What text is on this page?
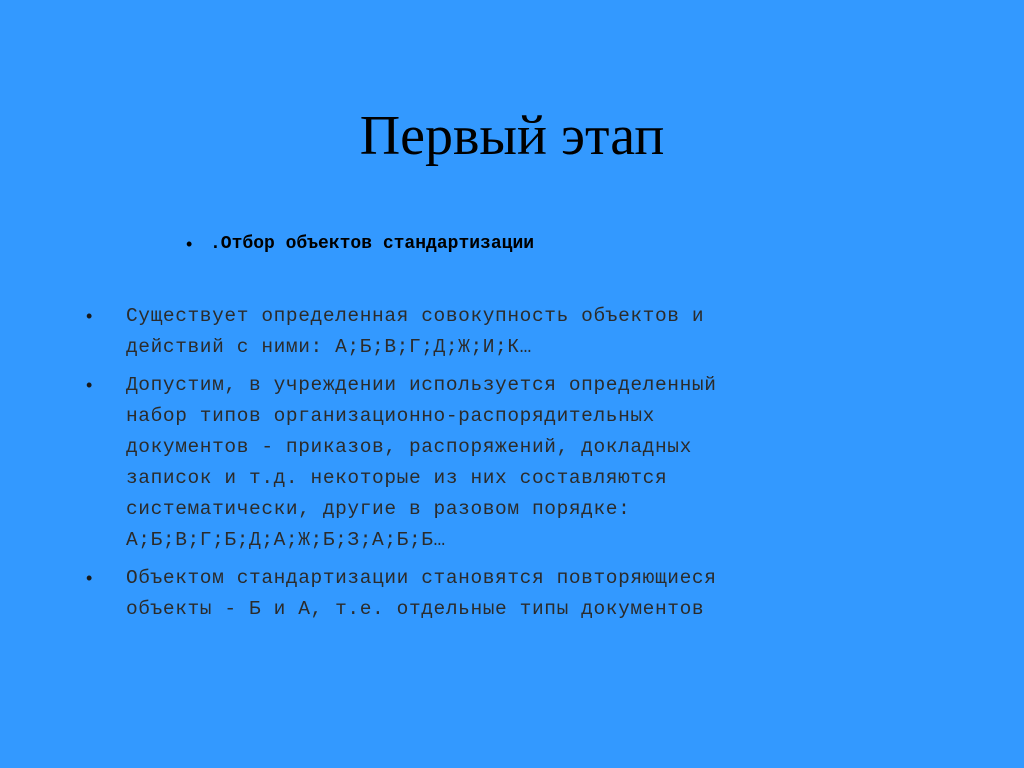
Первый этап
• .Отбор объектов стандартизации
• Существует определенная совокупность объектов и
действий с ними: А;Б;В;Г;Д;Ж;И;К…
• Допустим, в учреждении используется определенный
набор типов организационно-распорядительных
документов - приказов, распоряжений, докладных
записок и т.д. некоторые из них составляются
систематически, другие в разовом порядке:
А;Б;В;Г;Б;Д;А;Ж;Б;З;А;Б;Б…
• Объектом стандартизации становятся повторяющиеся
объекты - Б и А, т.е. отдельные типы документов
